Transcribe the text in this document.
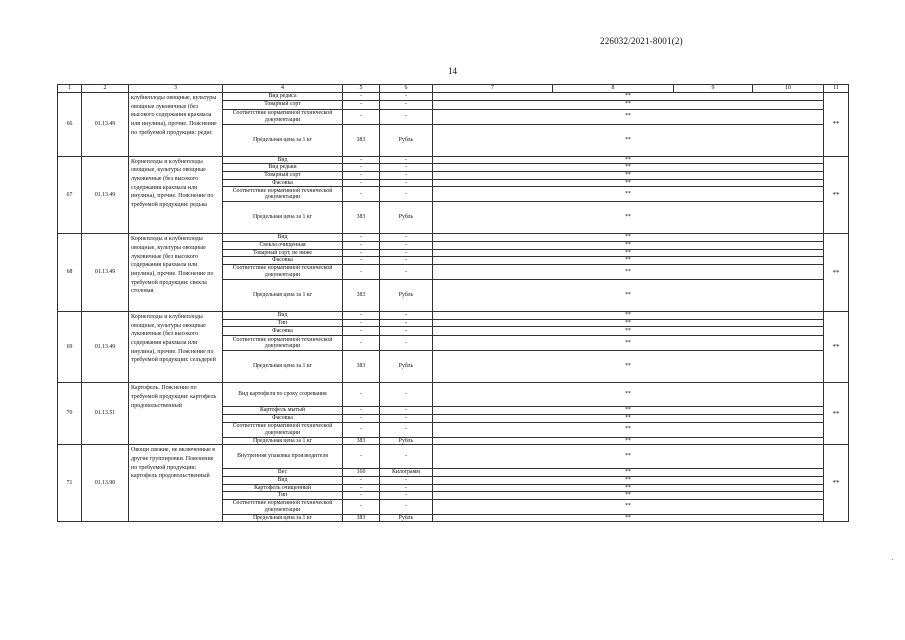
226032/2021-8001(2)
14
1	2	3	4	5	6	7	8	9	10	11
66	01.13.49	клубнеплоды овощные, культуры овощные луковичные (без высокого содержания крахмала или инулина), прочие. Пояснение по требуемой продукции: редис	Вид редиса	-	-	**				**
			Товарный сорт	-	-	**				
			Соответствие нормативной технической документации	-	-	**				
			Предельная цена за 1 кг	383	Рубль	**				
67	01.13.49	Корнеплоды и клубнеплоды овощные, культуры овощные луковичные (без высокого содержания крахмала или инулина), прочие. Пояснение по требуемой продукции: редька	Вид	-	-	**				**
			Вид редьки	-	-	**				
			Товарный сорт	-	-	**				
			Фасовка	-	-	**				
			Соответствие нормативной технической документации	-	-	**				
			Предельная цена за 1 кг	383	Рубль	**				
68	01.13.49	Корнеплоды и клубнеплоды овощные, культуры овощные луковичные (без высокого содержания крахмала или инулина), прочие. Пояснение по требуемой продукции: свекла столовая	Вид	-	-	**				**
			Свекла очищенная	-	-	**				
			Товарный сорт, не ниже	-	-	**				
			Фасовка	-	-	**				
			Соответствие нормативной технической документации	-	-	**				
			Предельная цена за 1 кг	383	Рубль	**				
69	01.13.49	Корнеплоды и клубнеплоды овощные, культуры овощные луковичные (без высокого содержания крахмала или инулина), прочие. Пояснение по требуемой продукции: сельдерей	Вид	-	-	**				**
			Тип	-	-	**				
			Фасовка	-	-	**				
			Соответствие нормативной технической документации	-	-	**				
			Предельная цена за 1 кг	383	Рубль	**				
70	01.13.51	Картофель. Пояснение по требуемой продукции: картофель продовольственный	Вид картофеля по сроку созревания	-	-	**				**
			Картофель мытый	-	-	**				
			Фасовка	-	-	**				
			Соответствие нормативной технической документации	-	-	**				
			Предельная цена за 1 кг	383	Рубль	**				
71	01.13.90	Овощи свежие, не включенные в другие группировки. Пояснение по требуемой продукции: картофель продовольственный	Внутренняя упаковка производителя	-	-	**				**
			Вес	166	Килограмм	**				
			Вид	-	-	**				
			Картофель очищенный	-	-	**				
			Тип	-	-	**				
			Соответствие нормативной технической документации	-	-	**				
			Предельная цена за 1 кг	383	Рубль	**				
·
